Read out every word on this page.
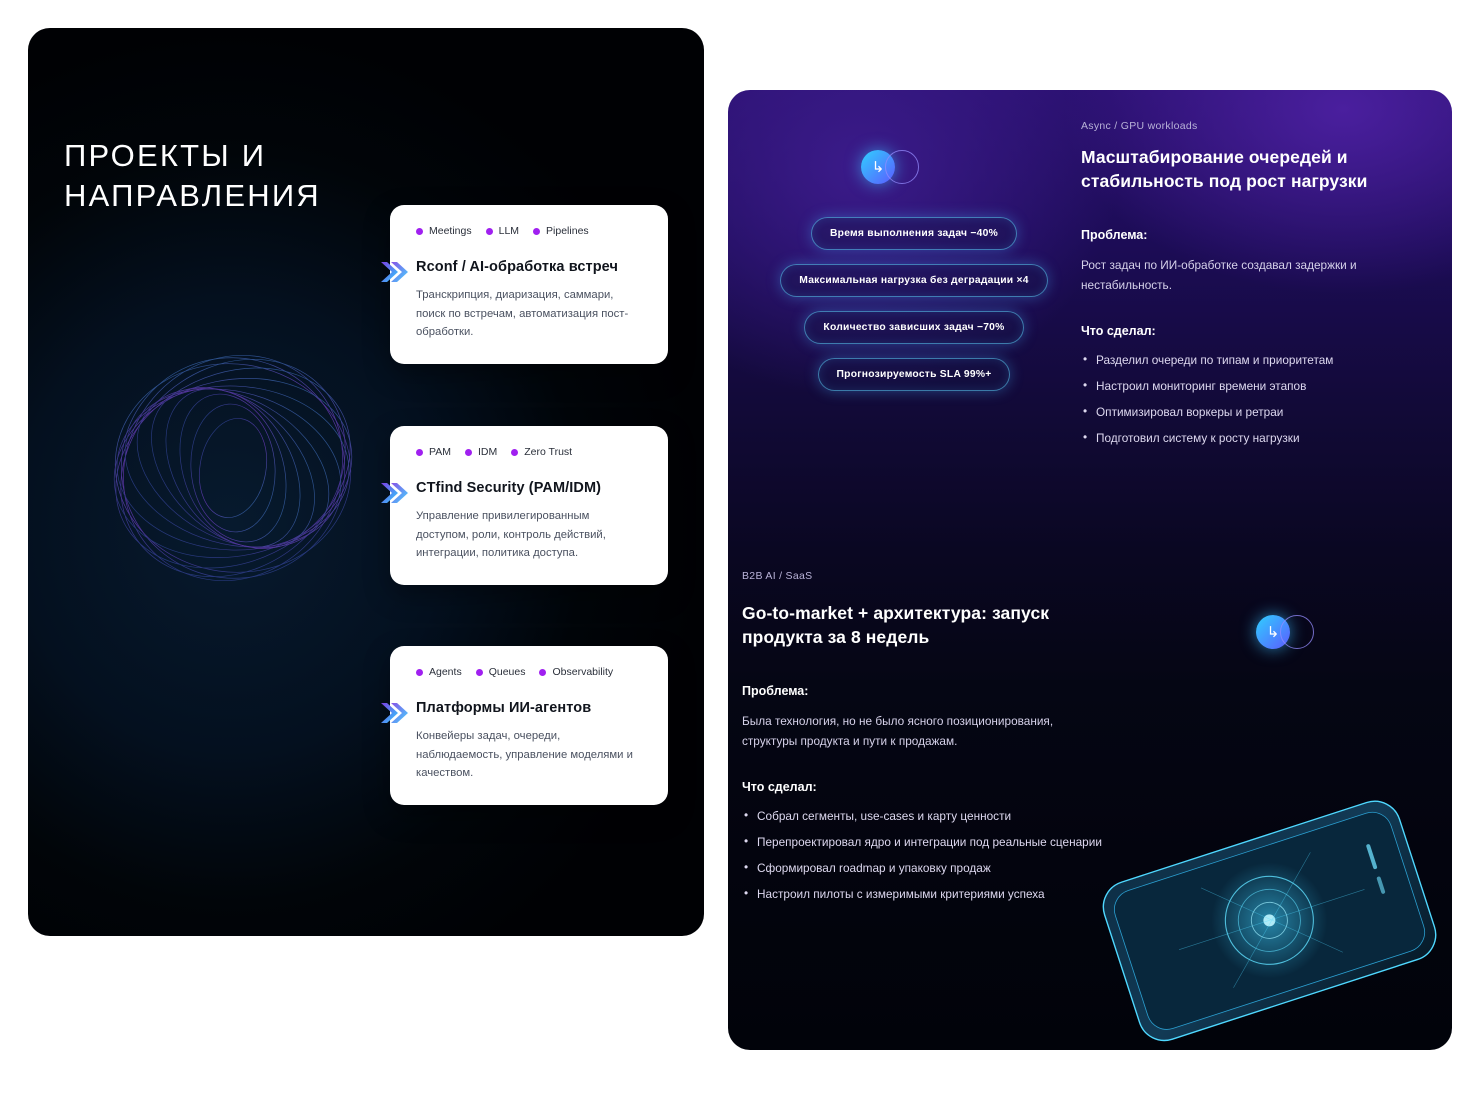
ПРОЕКТЫ И
НАПРАВЛЕНИЯ
Meetings	LLM	Pipelines
Rconf / AI-обработка встреч
Транскрипция, диаризация, саммари, поиск по встречам, автоматизация пост-обработки.
PAM	IDM	Zero Trust
CTfind Security (PAM/IDM)
Управление привилегированным доступом, роли, контроль действий, интеграции, политика доступа.
Agents	Queues	Observability
Платформы ИИ-агентов
Конвейеры задач, очереди, наблюдаемость, управление моделями и качеством.
Async / GPU workloads
Масштабирование очередей и стабильность под рост нагрузки
Проблема:
Рост задач по ИИ-обработке создавал задержки и нестабильность.
Что сделал:
• Разделил очереди по типам и приоритетам
• Настроил мониторинг времени этапов
• Оптимизировал воркеры и ретраи
• Подготовил систему к росту нагрузки
↳
Время выполнения задач −40%
Максимальная нагрузка без деградации ×4
Количество зависших задач −70%
Прогнозируемость SLA 99%+
B2B AI / SaaS
Go-to-market + архитектура: запуск продукта за 8 недель
Проблема:
Была технология, но не было ясного позиционирования, структуры продукта и пути к продажам.
Что сделал:
• Собрал сегменты, use-cases и карту ценности
• Перепроектировал ядро и интеграции под реальные сценарии
• Сформировал roadmap и упаковку продаж
• Настроил пилоты с измеримыми критериями успеха
↳
